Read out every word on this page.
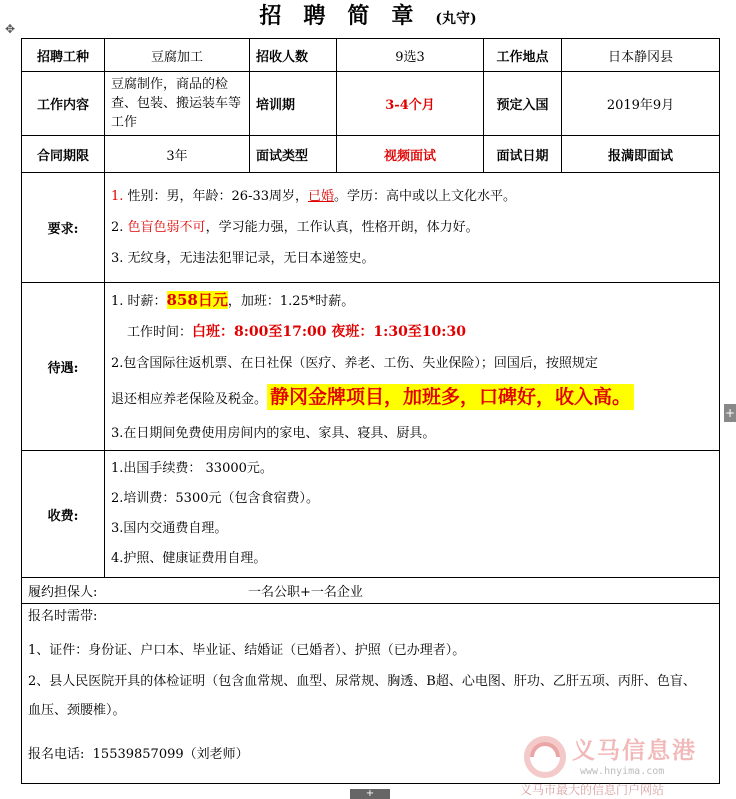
招聘简章(丸守)
✥
+
+
招聘工种	豆腐加工	招收人数	9选3	工作地点	日本静冈县
工作内容	豆腐制作，商品的检查、包装、搬运装车等工作	培训期	3-4个月	预定入国	2019年9月
合同期限	3年	面试类型	视频面试	面试日期	报满即面试
要求:	1. 性别：男，年龄：26-33周岁，已婚。学历：高中或以上文化水平。
2. 色盲色弱不可，学习能力强，工作认真，性格开朗，体力好。
3. 无纹身，无违法犯罪记录，无日本递签史。				

待遇:	1. 时薪：858日元，加班：1.25*时薪。
工作时间：白班：8:00至17:00 夜班：1:30至10:30
2.包含国际往返机票、在日社保（医疗、养老、工伤、失业保险）；回国后，按照规定
退还相应养老保险及税金。 静冈金牌项目，加班多，口碑好，收入高。
3.在日期间免费使用房间内的家电、家具、寝具、厨具。				

收费:	1.出国手续费： 33000元。
2.培训费：5300元（包含食宿费）。
3.国内交通费自理。
4.护照、健康证费用自理。				

履约担保人: 一名公职+一名企业					

报名时需带:
1、证件：身份证、户口本、毕业证、结婚证（已婚者）、护照（已办理者）。
2、县人民医院开具的体检证明（包含血常规、血型、尿常规、胸透、B超、心电图、肝功、乙肝五项、丙肝、色盲、血压、颈腰椎）。
报名电话: 15539857099（刘老师）						义马信息港
www.hnyima.com
义马市最大的信息门户网站
